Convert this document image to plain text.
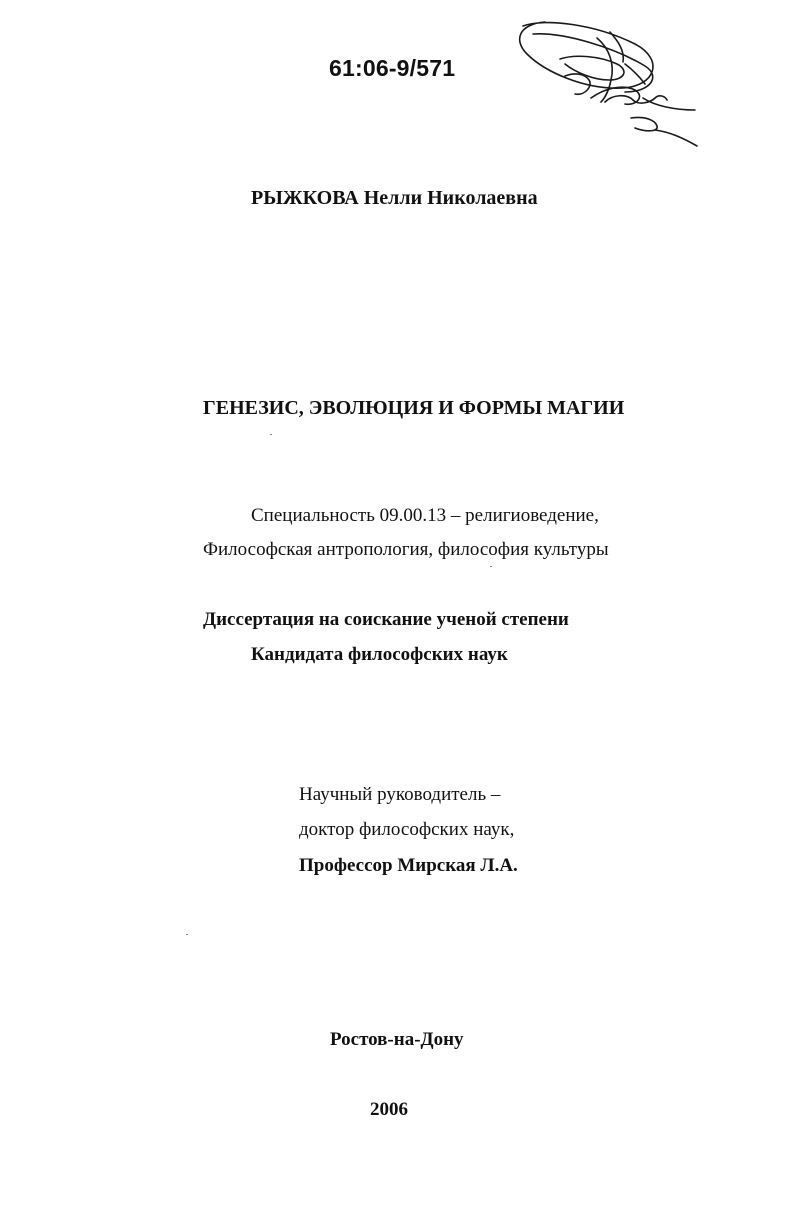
61:06-9/571
РЫЖКОВА Нелли Николаевна
ГЕНЕЗИС, ЭВОЛЮЦИЯ И ФОРМЫ МАГИИ
Специальность 09.00.13 – религиоведение,
Философская антропология, философия культуры
Диссертация на соискание ученой степени
Кандидата философских наук
Научный руководитель –
доктор философских наук,
Профессор Мирская Л.А.
Ростов-на-Дону
2006
